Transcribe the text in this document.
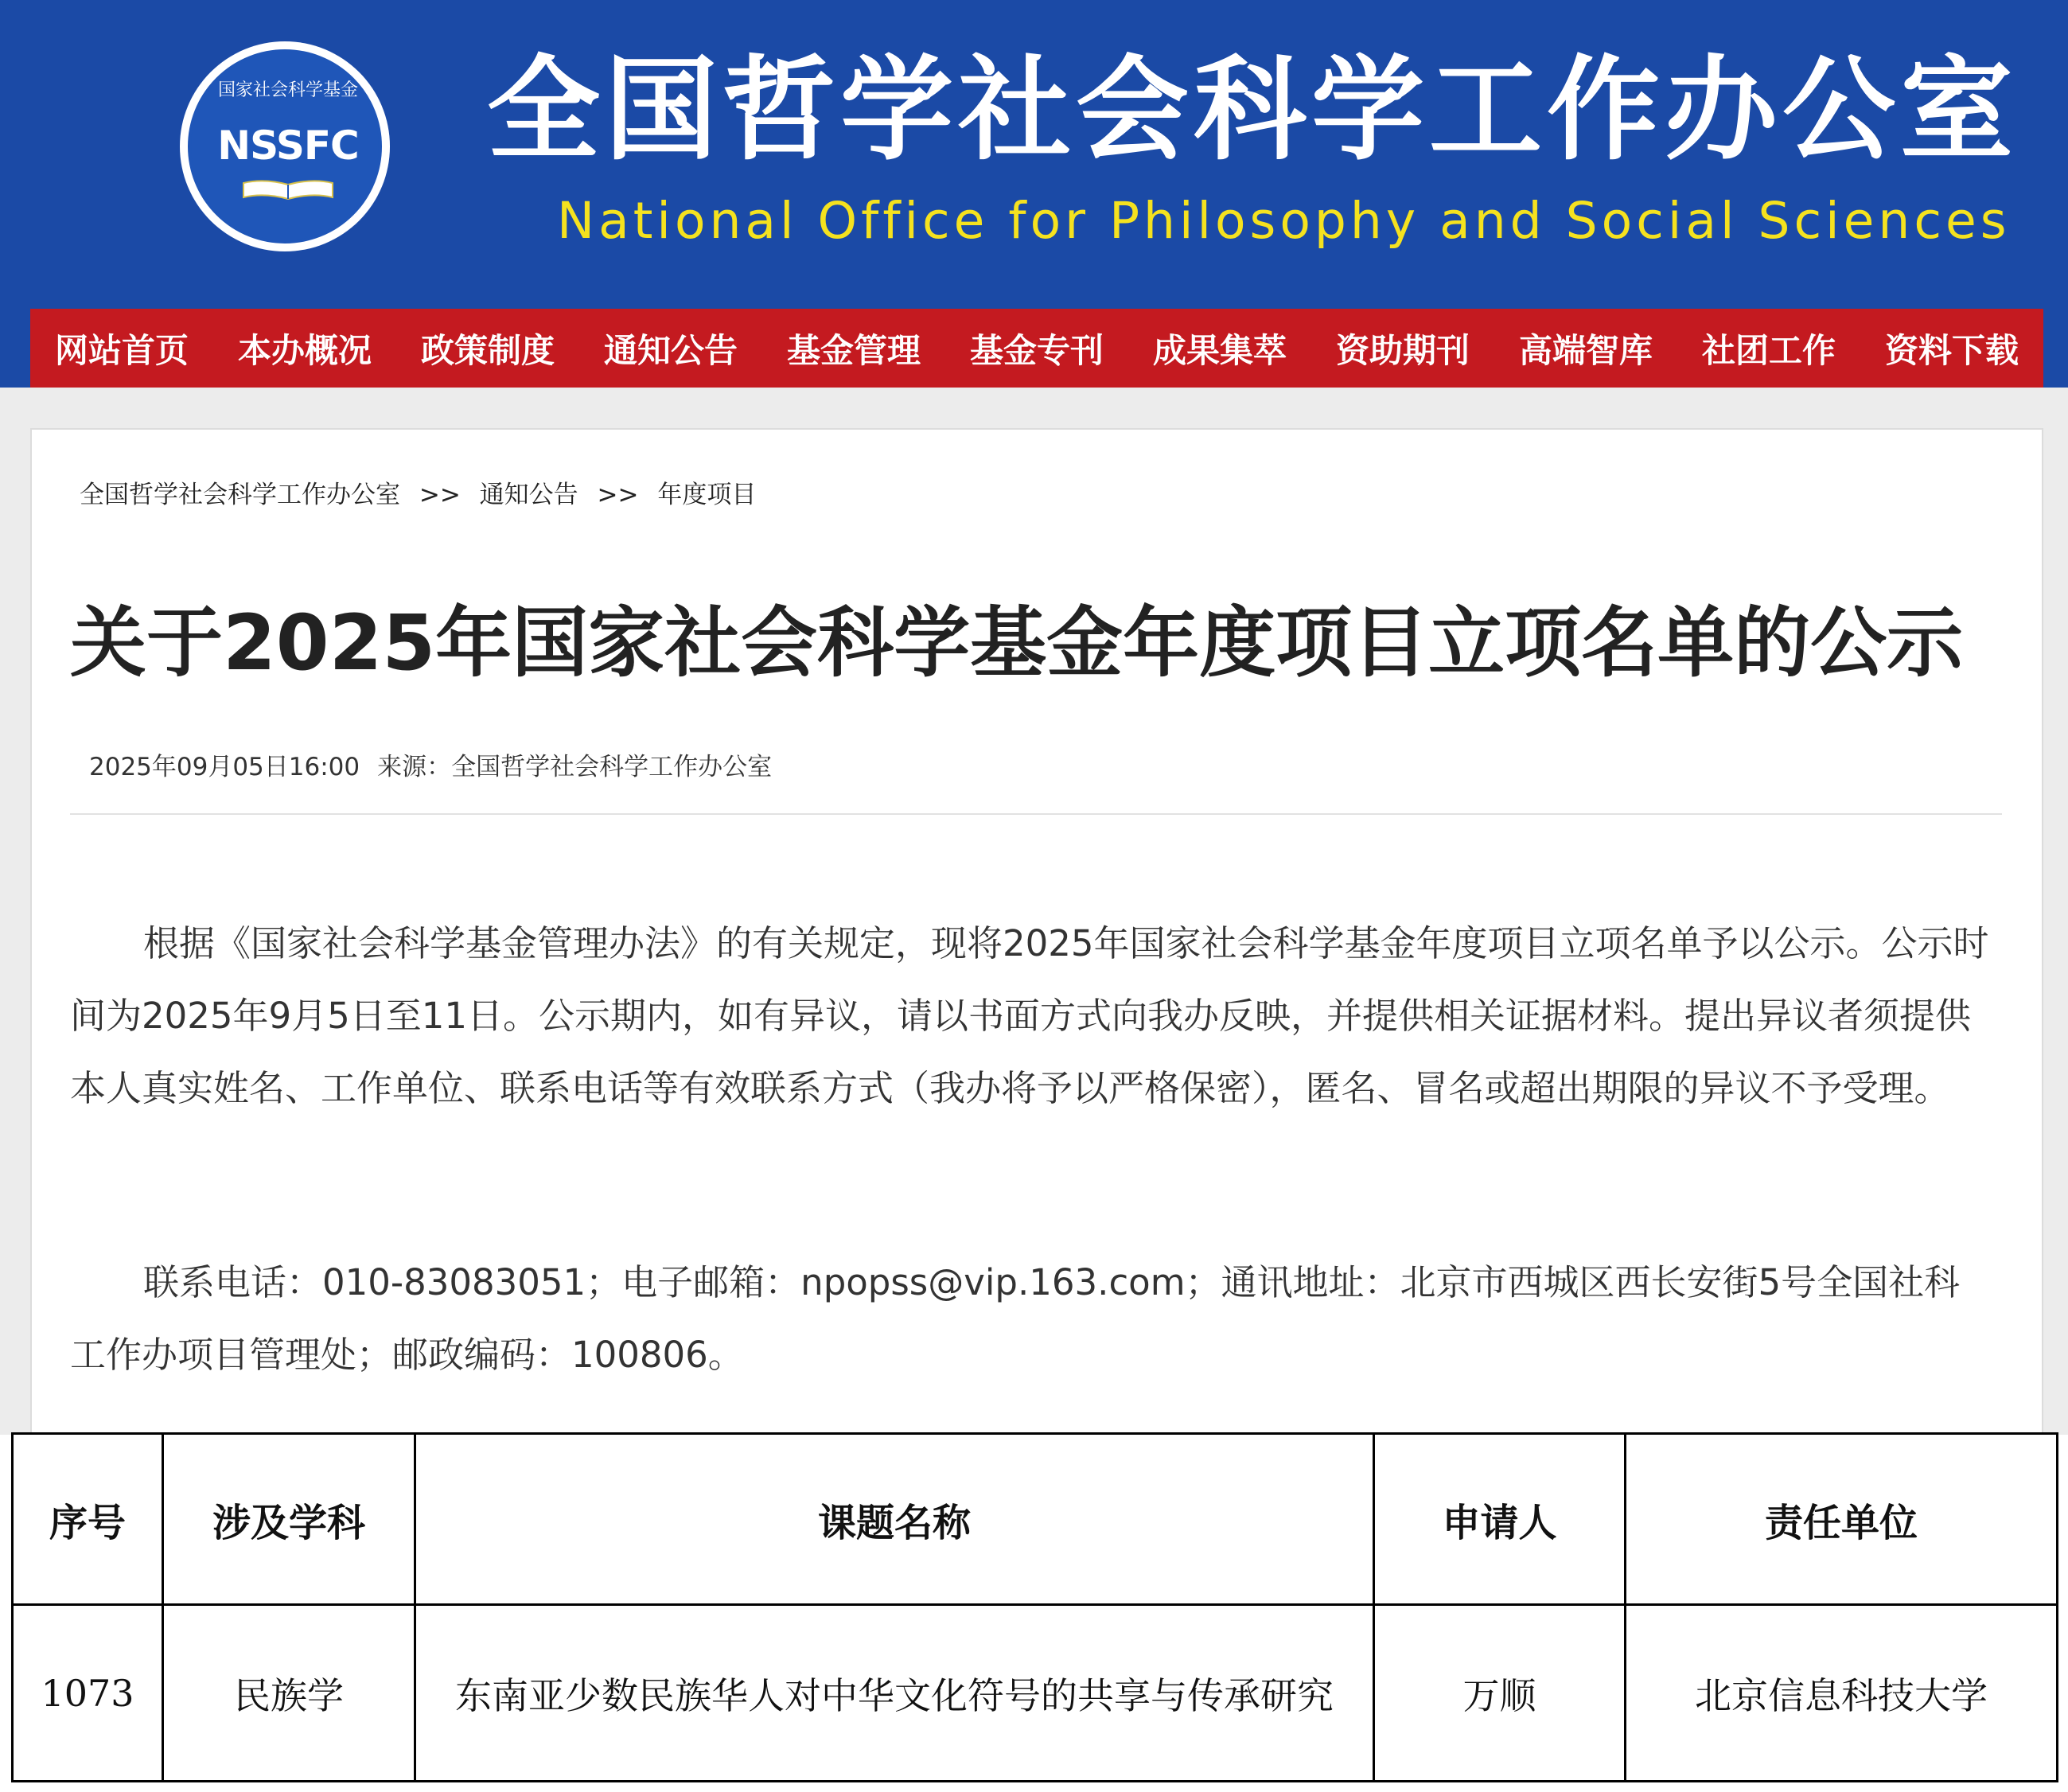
国家社会科学基金
NSSFC 全国哲学社会科学工作办公室
National Office for Philosophy and Social Sciences
网站首页	本办概况	政策制度	通知公告	基金管理	基金专刊	成果集萃	资助期刊	高端智库	社团工作	资料下载
全国哲学社会科学工作办公室 >> 通知公告 >> 年度项目
关于2025年国家社会科学基金年度项目立项名单的公示
2025年09月05日16:00 来源：全国哲学社会科学工作办公室

根据《国家社会科学基金管理办法》的有关规定，现将2025年国家社会科学基金年度项目立项名单予以公示。公示时间为2025年9月5日至11日。公示期内，如有异议，请以书面方式向我办反映，并提供相关证据材料。提出异议者须提供本人真实姓名、工作单位、联系电话等有效联系方式（我办将予以严格保密），匿名、冒名或超出期限的异议不予受理。

联系电话：010-83083051；电子邮箱：npopss@vip.163.com；通讯地址：北京市西城区西长安街5号全国社科工作办项目管理处；邮政编码：100806。

序号	涉及学科	课题名称	申请人	责任单位
1073	民族学	东南亚少数民族华人对中华文化符号的共享与传承研究	万顺	北京信息科技大学
